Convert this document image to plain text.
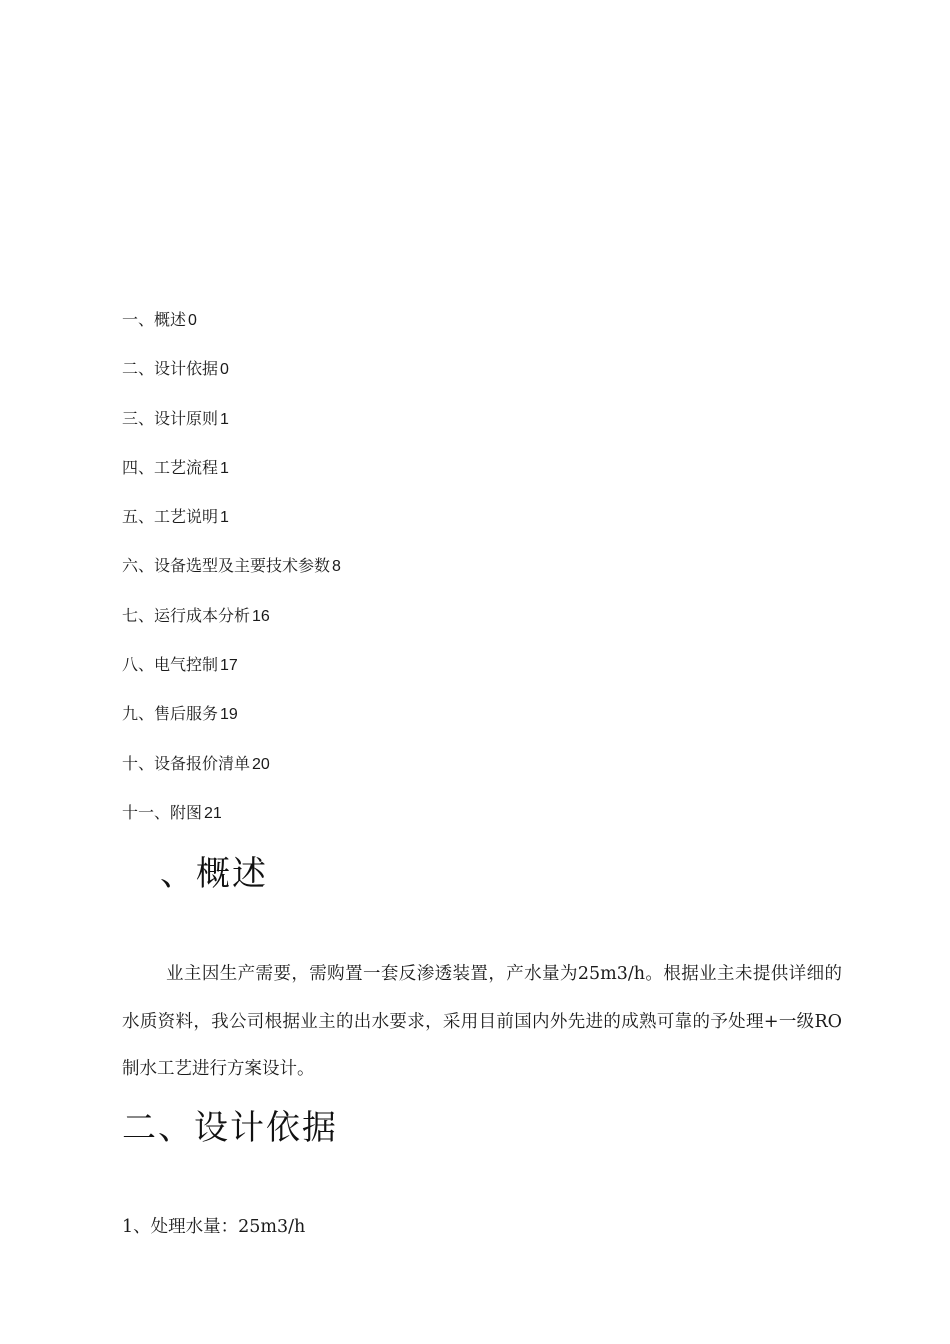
一、概述 0
二、设计依据 0
三、设计原则 1
四、工艺流程 1
五、工艺说明 1
六、设备选型及主要技术参数 8
七、运行成本分析 16
八、电气控制 17
九、售后服务 19
十、设备报价清单 20
十一、附图 21
、概述
业主因生产需要，需购置一套反渗透装置，产水量为25m3/h。根据业主未提供详细的水质资料，我公司根据业主的出水要求，采用目前国内外先进的成熟可靠的予处理+一级RO制水工艺进行方案设计。
二、设计依据
1、处理水量：25m3/h
